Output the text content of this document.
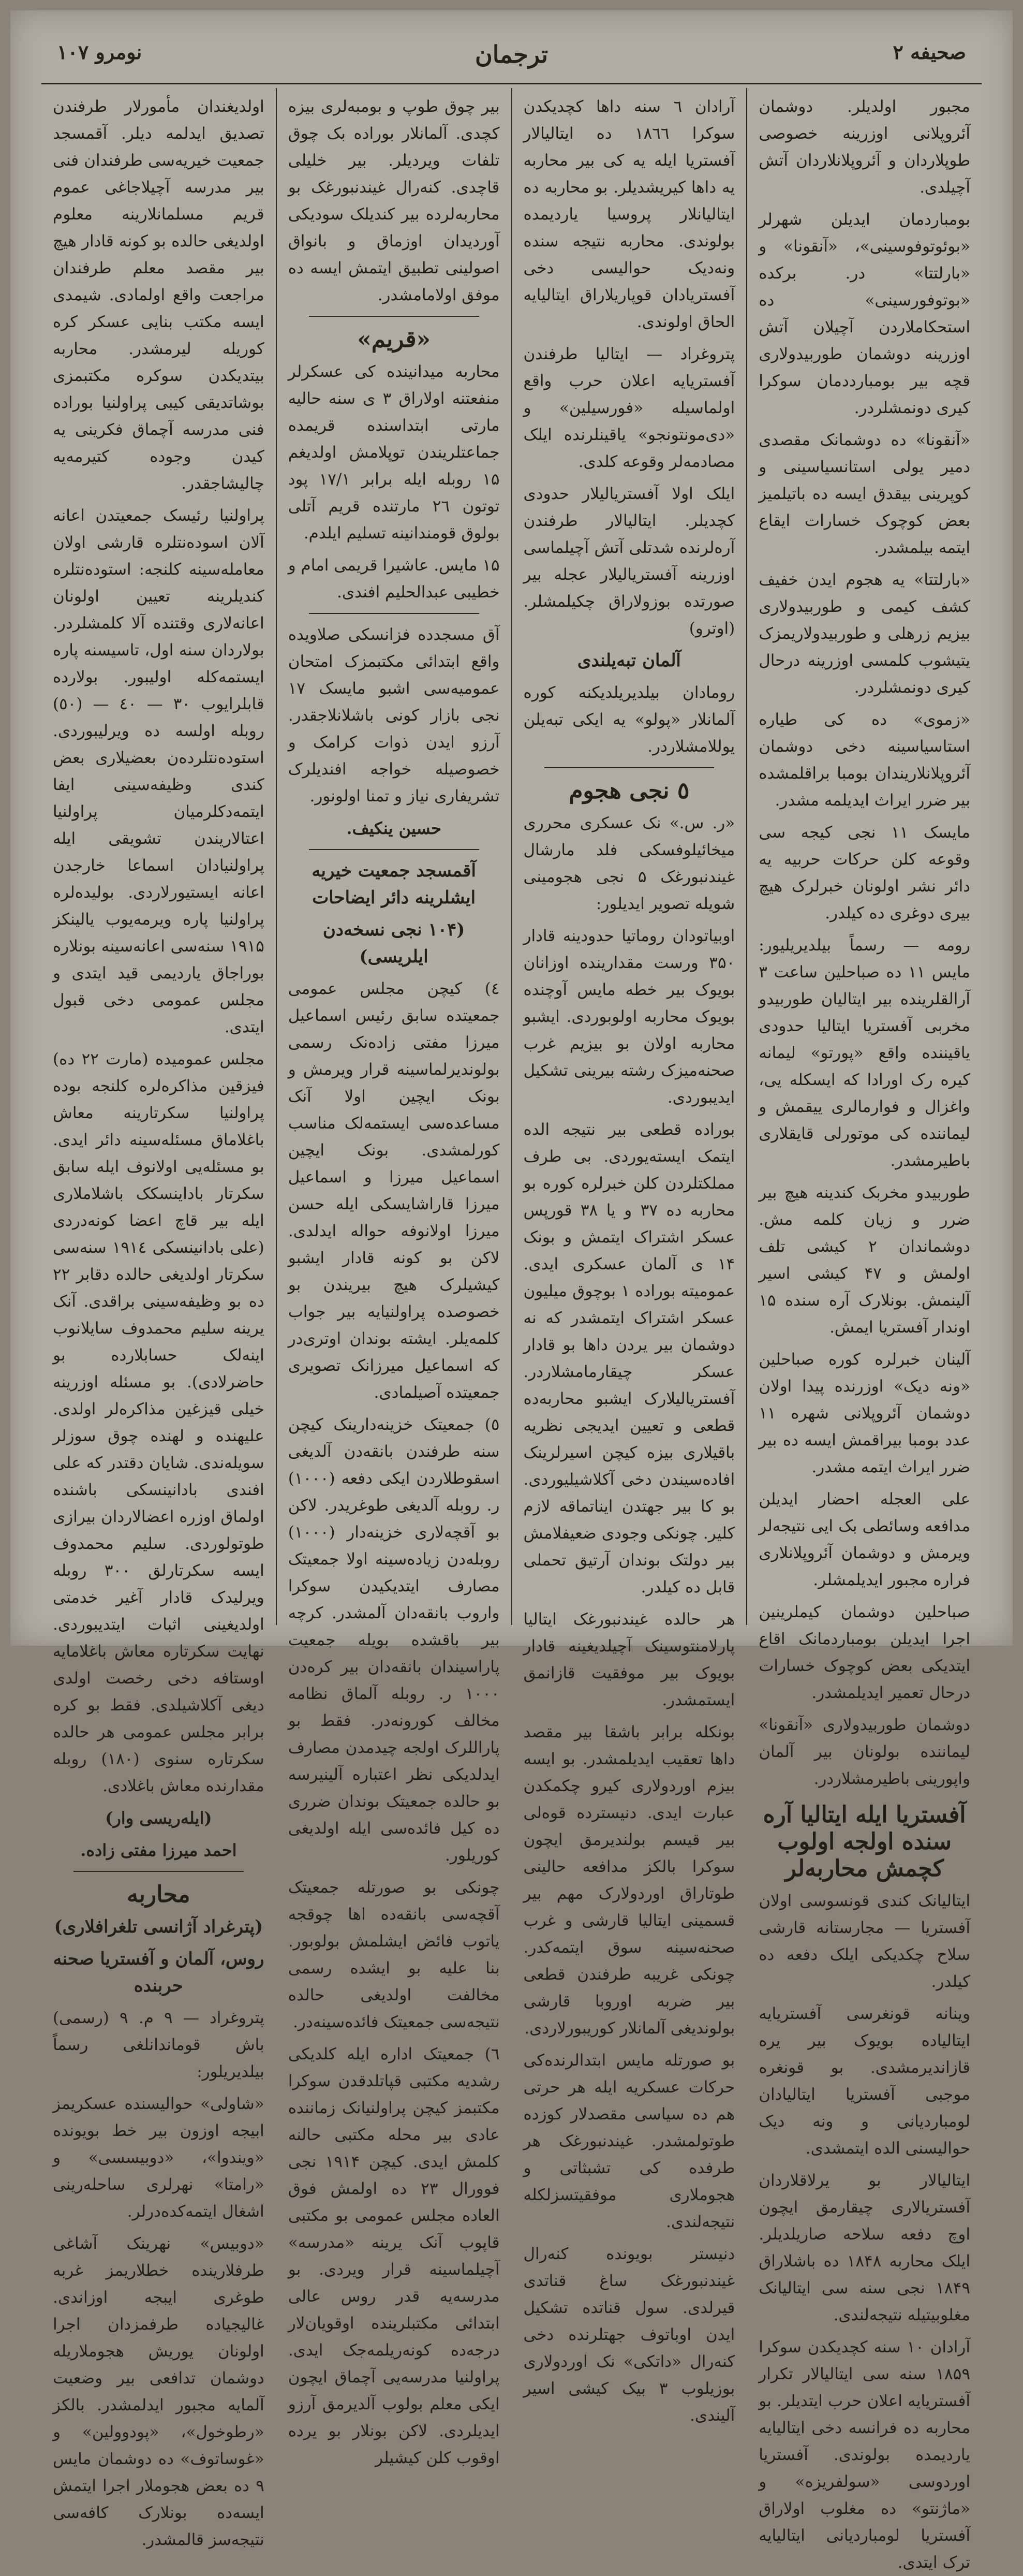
نومرو ١٠٧	ترجمان	صحیفه ۲

مجبور اولدیلر. دوشمان آئروپلانی اوزرینه خصوصی طوپلاردان و آئروپلانلاردان آتش آچیلدی.

بومباردمان ایدیلن شهرلر «بوئوتوفوسینی»، «آنقونا» و «بارلتتا» در. برکده «بوتوفورسینی» ده استحکاملاردن آچیلان آتش اوزرینه دوشمان طوربیدولاری قچه بیر بومبارددمان سوکرا کیری دونمشلردر.

«آنقونا» ده دوشمانک مقصدی دمیر یولی استانسیاسینی و کوپرینی بیقدق ایسه ده باتیلمیز بعض کوچوک خسارات ایقاع ایتمه بیلمشدر.

«بارلتتا» یه هجوم ایدن خفیف کشف کیمی و طوربیدولاری بیزیم زرهلی و طوربیدولاریمزک یتیشوب کلمسی اوزرینه درحال کیری دونمشلردر.

«زموی» ده کی طیاره استاسیاسینه دخی دوشمان آئروپلانلاریندان بومبا براقلمشده بیر ضرر ایراث ایدیلمه مشدر.

مایسک ۱۱ نجی کیجه سی وقوعه کلن حرکات حربیه یه دائر نشر اولونان خبرلرک هیچ بیری دوغری ده کیلدر.

رومه — رسماً بیلدیریلیور: مایس ۱۱ ده صباحلین ساعت ۳ آرالقلرینده بیر ایتالیان طوربیدو مخربی آفستریا ایتالیا حدودی یاقیننده واقع «پورتو» لیمانه کیره رک اورادا که ایسکله یی، واغزال و فوارمالری ییقمش و لیماننده کی موتورلی قایقلاری باطیرمشدر.

طوربیدو مخربک کندینه هیچ بیر ضرر و زیان کلمه مش. دوشماندان ۲ کیشی تلف اولمش و ۴۷ کیشی اسیر آلینمش. بونلارک آره سنده ۱۵ اوندار آفستریا ایمش.

آلینان خبرلره کوره صباحلین «ونه دیک» اوزرنده پیدا اولان دوشمان آئروپلانی شهره ۱۱ عدد بومبا بیراقمش ایسه ده بیر ضرر ایراث ایتمه مشدر.

علی العجله احضار ایدیلن مدافعه وسائطی بک ایی نتیجه‌لر ویرمش و دوشمان آئروپلانلاری فراره مجبور ایدیلمشلر.

صباحلین دوشمان کیملرینین اجرا ایدیلن بومباردمانک اقاع ایتدیکی بعض کوچوک خسارات درحال تعمیر ایدیلمشدر.

دوشمان طوربیدولاری «آنقونا» لیماننده بولونان بیر آلمان واپورینی باطیرمشلاردر.

آفستریا ایله ایتالیا آره سنده اولجه اولوب کچمش محاربه‌لر

ایتالیانک کندی قونسوسی اولان آفستریا — مجارستانه قارشی سلاح چکدیکی ایلک دفعه ده کیلدر.

وینانه قونغرسی آفستریایه ایتالیاده بویوک بیر یره قازاندیرمشدی. بو قونغره موجبی آفستریا ایتالیادان لومباردیانی و ونه دیک حوالیسنی الده ایتمشدی.

ایتالیالار بو یرلاقلاردان آفستریالاری چیقارمق ایچون اوچ دفعه سلاحه صاریلدیلر. ایلک محاربه ۱۸۴۸ ده باشلاراق ۱۸۴۹ نجی سنه سی ایتالیانک مغلوبیتیله نتیجه‌لندی.

آرادان ۱۰ سنه کچدیکدن سوکرا ۱۸۵۹ سنه سی ایتالیالار تکرار آفستریایه اعلان حرب ایتدیلر. بو محاربه ده فرانسه دخی ایتالیایه یاردیمده بولوندی. آفستریا اوردوسی «سولفریزه» و «ماژنتو» ده مغلوب اولاراق آفستریا لومباردیانی ایتالیایه ترک ایتدی.

آرادان ٦ سنه داها کچدیکدن سوکرا ۱۸٦٦ ده ایتالیالار آفستریا ایله یه کی بیر محاربه یه داها کیریشدیلر. بو محاربه ده ایتالیانلار پروسیا یاردیمده بولوندی. محاربه نتیجه سنده ونه‌دیک حوالیسی دخی آفستریادان قوپاریلاراق ایتالیایه الحاق اولوندی.

پتروغراد — ایتالیا طرفندن آفستریایه اعلان حرب واقع اولماسیله «فورسیلین» و «دی‌مونتونجو» یاقینلرنده ایلک مصادمه‌لر وقوعه کلدی.

ایلک اولا آفستریالیلار حدودی کچدیلر. ایتالیالار طرفندن آره‌لرنده شدتلی آتش آچیلماسی اوزرینه آفستریالیلار عجله بیر صورتده بوزولاراق چکیلمشلر. (اوترو)

آلمان تبه‌یلندی

رومادان بیلدیریلدیکنه کوره آلمانلار «پولو» یه ایکی تبه‌یلن یوللامشلاردر.

٥ نجی هجوم

«ر. س.» نک عسکری محرری میخائیلوفسکی فلد مارشال غیندنبورغک ۵ نجی هجومینی شویله تصویر ایدیلور:

اوبیاتودان روماتیا حدودینه قادار ۳۵۰ ورست مقدارینده اوزانان بویوک بیر خطه مایس آوچنده بویوک محاربه اولوبوردی. ایشبو محاربه اولان بو بیزیم غرب صحنه‌میزک رشته بیرینی تشکیل ایدیبوردی.

بوراده قطعی بیر نتیجه الده ایتمک ایسته‌یوردی. بی طرف مملکتلردن کلن خبرلره کوره بو محاربه ده ۳۷ و یا ۳۸ قورپس عسکر اشتراک ایتمش و بونک ۱۴ ی آلمان عسکری ایدی. عمومیته بوراده ۱ بوچوق میلیون عسکر اشتراک ایتمشدر که نه دوشمان بیر یردن داها بو قادار عسکر چیقارمامشلاردر. آفستریالیلارک ایشبو محاربه‌ده قطعی و تعیین ایدیجی نظریه باقیلاری بیزه کیچن اسیرلرینک افاده‌سیندن دخی آکلاشیلیوردی. بو کا بیر جهتدن ایناتماقه لازم کلیر. چونکی وجودی ضعیفلامش بیر دولتک بوندان آرتیق تحملی قابل ده کیلدر.

هر حالده غیندنبورغک ایتالیا پارلامنتوسینک آچیلدیغینه قادار بویوک بیر موفقیت قازانمق ایستمشدر.

بونکله برابر باشقا بیر مقصد داها تعقیب ایدیلمشدر. بو ایسه بیزم اوردولاری کیرو چکمکدن عبارت ایدی. دنیسترده قوه‌لی بیر قیسم بولندیرمق ایچون سوکرا بالکز مدافعه حالینی طوتاراق اوردولارک مهم بیر قسمینی ایتالیا قارشی و غرب صحنه‌سینه سوق ایتمه‌کدر. چونکی غریبه طرفندن قطعی بیر ضربه اوروبا قارشی بولوندیغی آلمانلار کوریبورلاردی.

بو صورتله مایس ابتدالرنده‌کی حرکات عسکریه ایله هر حرتی هم ده سیاسی مقصدلار کوزده طوتولمشدر. غیندنبورغک هر طرفده کی تشبثاتی و هجوملاری موفقیتسزلکله نتیجه‌لندی.

دنیستر بویونده کنه‌رال غیندنبورغک ساغ قناتدی قیرلدی. سول قناتده تشکیل ایدن اوباتوف جهتلرنده دخی کنه‌رال «داتکی» نک اوردولاری بوزیلوب ۳ بیک کیشی اسیر آلیندی.

بیر چوق طوپ و بومبه‌لری بیزه کچدی. آلمانلار بوراده بک چوق تلفات ویردیلر. بیر خلیلی قاچدی. کنه‌رال غیندنبورغک بو محاربه‌لرده بیر کندیلک سودیکی آوردیدان اوزماق و بانواق اصولینی تطبیق ایتمش ایسه ده موفق اولامامشدر.

«قریم»

محاربه میدانینده کی عسکرلر منفعتنه اولاراق ۳ ی سنه حالیه مارتی ابتداسنده قریمده جماعتلریندن توپلامش اولدیغم ۱۵ روبله ایله برابر ۱۷/۱ پود توتون ۲٦ مارتنده قریم آتلی بولوق قومندانینه تسلیم ایلدم.

۱۵ مایس. عاشیرا قریمی امام و خطیبی عبدالحلیم افندی.

آق مسجدده فزانسکی صلاویده واقع ابتدائی مکتبمزک امتحان عمومیه‌سی اشبو مایسک ۱۷ نجی بازار کونی باشلانلاجقدر. آرزو ایدن ذوات کرامک و خصوصیله خواجه افندیلرک تشریفاری نیاز و تمنا اولونور.

حسین ینکیف.

آقمسجد جمعیت خیریه ایشلرینه دائر ایضاحات
(۱۰۴ نجی نسخه‌دن ایلریسی)

٤) کیچن مجلس عمومی جمعیتده سابق رئیس اسماعیل میرزا مفتی زاده‌نک رسمی بولوندیرلماسینه قرار ویرمش و بونک ایچین اولا آنک مساعده‌سی ایستمه‌لک مناسب کورلمشدی. بونک ایچین اسماعیل میرزا و اسماعیل میرزا قاراشایسکی ایله حسن میرزا اولانوفه حواله ایدلدی. لاکن بو کونه قادار ایشبو کیشیلرک هیچ بیریندن بو خصوصده پراولنیایه بیر جواب کلمه‌یلر. ایشته بوندان اوتری‌در که اسماعیل میرزانک تصویری جمعیتده آصیلمادی.

٥) جمعیتک خزینه‌دارینک کیچن سنه طرفندن بانقه‌دن آلدیغی اسقوطلاردن ایکی دفعه (۱۰۰۰) ر. روبله آلدیغی طوغریدر. لاکن بو آقچه‌لاری خزینه‌دار (۱۰۰۰) روبله‌دن زیاده‌سینه اولا جمعیتک مصارف ایتدیکیدن سوکرا واروب بانقه‌دان آلمشدر. کرچه بیر باقشده بویله جمعیت پاراسیندان بانقه‌دان بیر کره‌دن ۱۰۰۰ ر. روبله آلماق نظامه مخالف کورونه‌در. فقط بو پاراللرک اولجه چیدمدن مصارف ایدلدیکی نظر اعتباره آلینیرسه بو حالده جمعیتک بوندان ضرری ده کیل فائده‌سی ایله اولدیغی کوریلور.

چونکی بو صورتله جمعیتک آقچه‌سی بانقه‌ده اها چوقجه یاتوب فائض ایشلمش بولوبور. بنا علیه بو ایشده رسمی مخالفت اولدیغی حالده نتیجه‌سی جمعیتک فائده‌سینه‌در.

٦) جمعیتک اداره ایله کلدیکی رشدیه مکتبی قپاتلدقدن سوکرا مکتبمز کیچن پراولنیانک زماننده عادی بیر محله مکتبی حالنه کلمش ایدی. کیچن ۱۹۱۴ نجی فوورال ۲۳ ده اولمش فوق العاده مجلس عمومی بو مکتبی قاپوب آنک یرینه «مدرسه» آچیلماسینه قرار ویردی. بو مدرسه‌یه قدر روس عالی ابتدائی مکتبلرینده اوقویان‌لار درجه‌ده کونه‌ریلمه‌جک ایدی. پراولنیا مدرسه‌یی آچماق ایچون ایکی معلم بولوب آلدیرمق آرزو ایدیلردی. لاکن بونلار بو یرده اوقوب کلن کیشیلر

اولدیغندان مأمورلار طرفندن تصدیق ایدلمه دیلر. آقمسجد جمعیت خیریه‌سی طرفندان فنی بیر مدرسه آچیلاجاغی عموم قریم مسلمانلارینه معلوم اولدیغی حالده بو کونه قادار هیچ بیر مقصد معلم طرفندان مراجعت واقع اولمادی. شیمدی ایسه مکتب بنایی عسکر کره کوریله لیرمشدر. محاربه بیتدیکدن سوکره مکتبمزی بوشاتدیقی کیبی پراولنیا بوراده فنی مدرسه آچماق فکرینی یه کیدن وجوده کتیرمه‌یه چالیشاجقدر.

پراولنیا رئیسک جمعیتدن اعانه آلان اسوده‌نتلره قارشی اولان معامله‌سینه کلنجه: استوده‌نتلره کندیلرینه تعیین اولونان اعانه‌لاری وقتنده آلا کلمشلردر. بولاردان سنه اول، تاسیسنه پاره ایستمه‌کله اولیبور. بولارده قابلرایوب ۳۰ — ٤۰ — (٥۰) روبله اولسه ده ویرلیبوردی. استوده‌نتلرده‌ن بعضیلاری بعض کندی وظیفه‌سینی ایفا ایتمه‌دکلرمیان پراولنیا اعتالاریندن تشویقی ایله پراولنیادان اسماعا خارجدن اعانه ایستیورلاردی. بولیده‌لره پراولنیا پاره ویرمه‌یوب یالینکز ۱۹۱۵ سنه‌سی اعانه‌سینه بونلاره بوراجاق یاردیمی قید ایتدی و مجلس عمومی دخی قبول ایتدی.

مجلس عمومیده (مارت ۲۲ ده) فیزقین مذاکره‌لره کلنجه بوده پراولنیا سکرتارینه معاش باغلاماق مسئله‌سینه دائر ایدی. بو مسئله‌یی اولانوف ایله سابق سکرتار باداینسکک باشلاملاری ایله بیر قاچ اعضا کونه‌دردی (علی بادانینسکی ۱۹۱٤ سنه‌سی سکرتار اولدیغی حالده دقابر ۲۲ ده بو وظیفه‌سینی براقدی. آنک یرینه سلیم محمدوف سایلانوب اینه‌لک حسابلارده بو حاضرلادی). بو مسئله اوزرینه خیلی قیزغین مذاکره‌لر اولدی. علیهنده و لهنده چوق سوزلر سویله‌ندی. شایان دقتدر که علی افندی بادانینسکی باشنده اولماق اوزره اعضالاردان بیرازی طوتولوردی. سلیم محمدوف ایسه سکرتارلق ۳۰۰ روبله ویرلیدک قادار آغیر خدمتی اولدیغینی اثبات ایتدیبوردی. نهایت سکرتاره معاش باغلامایه اوستافه دخی رخصت اولدی دیغی آکلاشیلدی. فقط بو کره برابر مجلس عمومی هر حالده سکرتاره سنوی (۱۸۰) روبله مقدارنده معاش باغلادی.

(ایله‌ریسی وار)

احمد میرزا مفتی زاده.

محاربه
(پترغراد آژانسی تلغرافلاری)
روس، آلمان و آفستریا صحنه حربنده

پتروغراد — ۹ م. ۹ (رسمی) باش قوماندانلغی رسماً بیلدیریلور:

«شاولی» حوالیسنده عسکریمز ابیجه اوزون بیر خط بویونده «ویندوا»، «دوبیسسی» و «رامتا» نهرلری ساحله‌رینی اشغال ایتمه‌کده‌درلر.

«دوبیس» نهرینک آشاغی طرفلارینده خطلاریمز غربه طوغری ایبجه اوزاندی. غالیجیاده طرفمزدان اجرا اولونان یوریش هجوملاریله دوشمان تدافعی بیر وضعیت آلمایه مجبور ایدلمشدر. بالکز «رطوخول»، «پودوولین» و «غوساتوف» ده دوشمان مایس ۹ ده بعض هجوملار اجرا ایتمش ایسه‌ده بونلارک کافه‌سی نتیجه‌سز قالمشدر.
